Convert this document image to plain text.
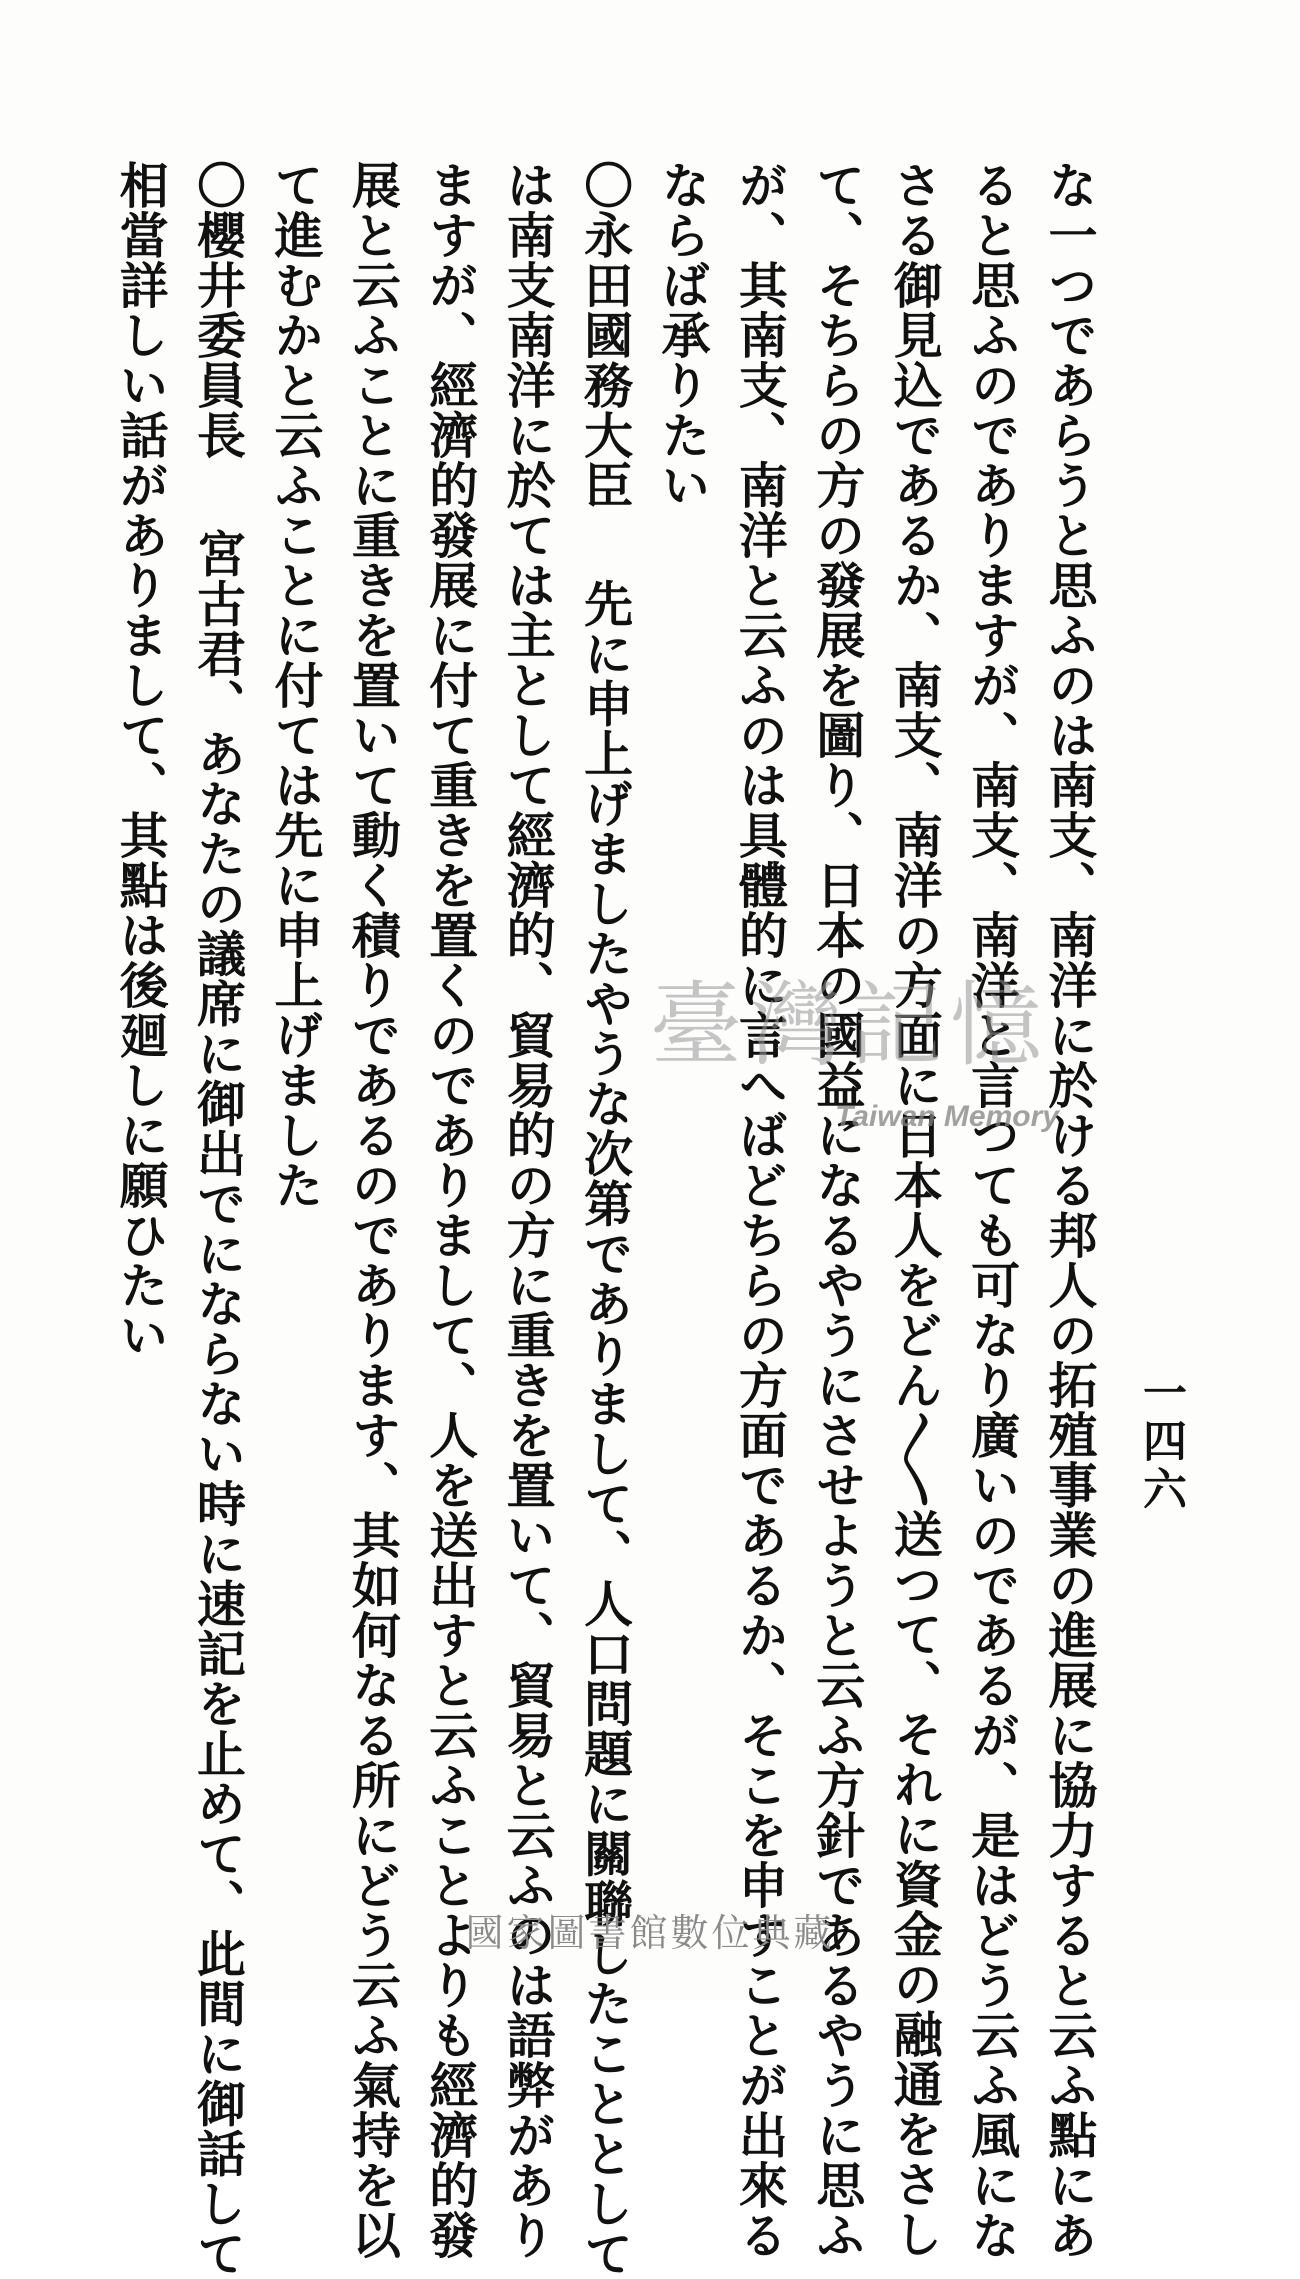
一四六
な一つであらうと思ふのは南支、南洋に於ける邦人の拓殖事業の進展に協力すると云ふ點にあ
ると思ふのでありますが、南支、南洋と言つても可なり廣いのであるが、是はどう云ふ風にな
さる御見込であるか、南支、南洋の方面に日本人をどん〳〵送つて、それに資金の融通をさし
て、そちらの方の發展を圖り、日本の國益になるやうにさせようと云ふ方針であるやうに思ふ
が、其南支、南洋と云ふのは具體的に言へばどちらの方面であるか、そこを申すことが出來る
ならば承りたい
〇永田國務大臣先に申上げましたやうな次第でありまして、人口問題に關聯したこととして
は南支南洋に於ては主として經濟的、貿易的の方に重きを置いて、貿易と云ふのは語弊があり
ますが、經濟的發展に付て重きを置くのでありまして、人を送出すと云ふことよりも經濟的發
展と云ふことに重きを置いて動く積りであるのであります、其如何なる所にどう云ふ氣持を以
て進むかと云ふことに付ては先に申上げました
〇櫻井委員長宮古君、あなたの議席に御出でにならない時に速記を止めて、此間に御話して
相當詳しい話がありまして、其點は後廻しに願ひたい	臺灣記憶
Taiwan Memory
國家圖書館數位典藏
